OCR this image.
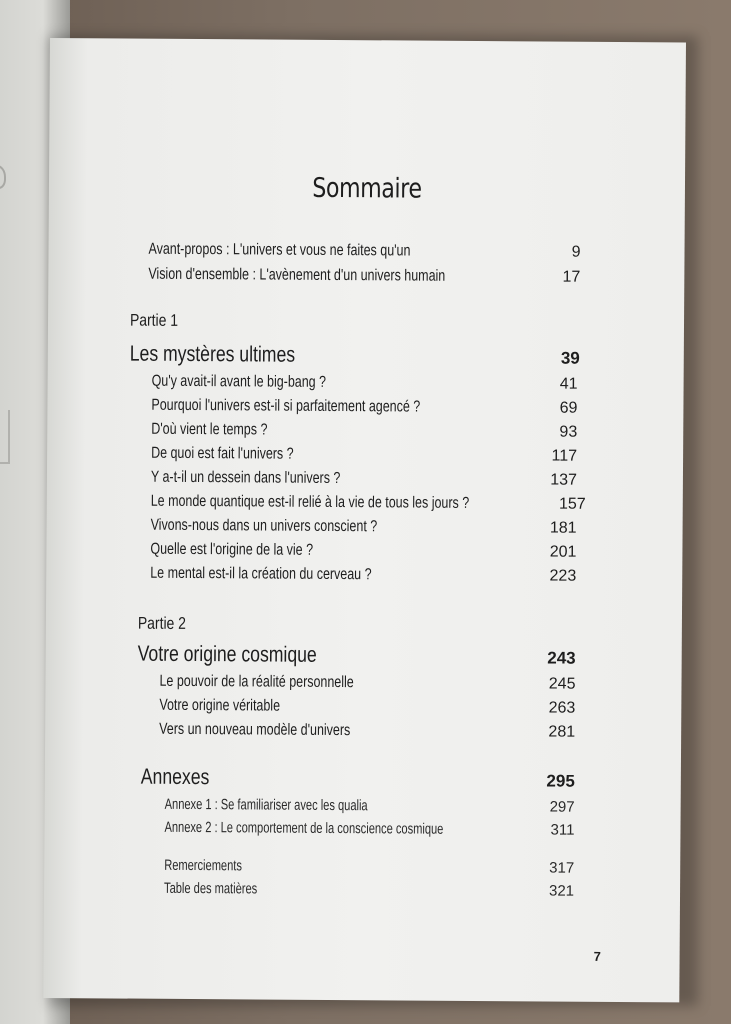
Sommaire
Avant-propos : L'univers et vous ne faites qu'un	9
Vision d'ensemble : L'avènement d'un univers humain	17
Partie 1
Les mystères ultimes	39
Qu'y avait-il avant le big-bang ?	41
Pourquoi l'univers est-il si parfaitement agencé ?	69
D'où vient le temps ?	93
De quoi est fait l'univers ?	117
Y a-t-il un dessein dans l'univers ?	137
Le monde quantique est-il relié à la vie de tous les jours ?	157
Vivons-nous dans un univers conscient ?	181
Quelle est l'origine de la vie ?	201
Le mental est-il la création du cerveau ?	223
Partie 2
Votre origine cosmique	243
Le pouvoir de la réalité personnelle	245
Votre origine véritable	263
Vers un nouveau modèle d'univers	281
Annexes	295
Annexe 1 : Se familiariser avec les qualia	297
Annexe 2 : Le comportement de la conscience cosmique	311
Remerciements	317
Table des matières	321
7
